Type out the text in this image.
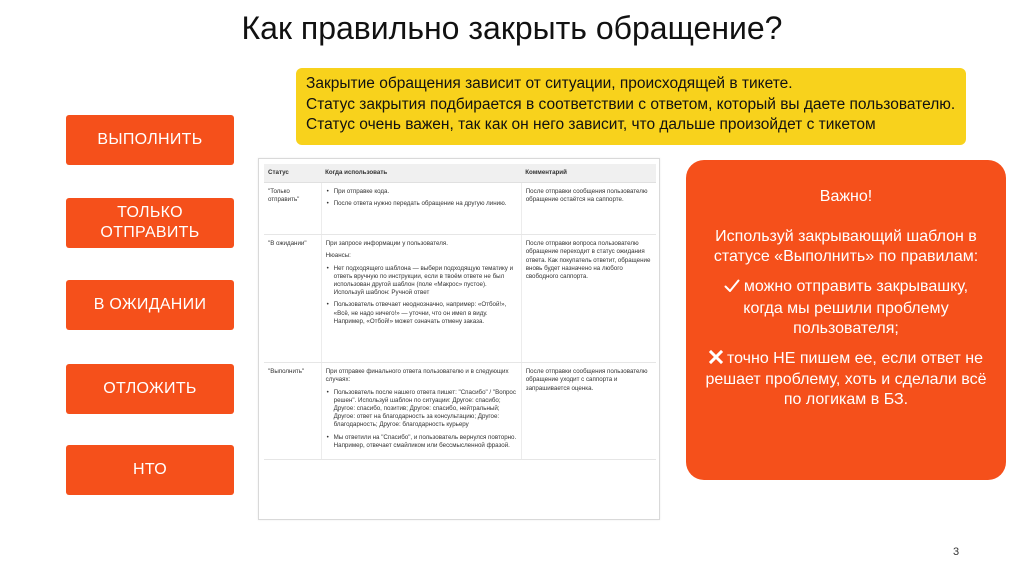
Как правильно закрыть обращение?
Закрытие обращения зависит от ситуации, происходящей в тикете.
Статус закрытия подбирается в соответствии с ответом, который вы даете пользователю.
Статус очень важен, так как он него зависит, что дальше произойдет с тикетом
ВЫПОЛНИТЬ
ТОЛЬКО ОТПРАВИТЬ
В ОЖИДАНИИ
ОТЛОЖИТЬ
НТО
Статус	Когда использовать	Комментарий
"Только отправить"	• При отправке кода.
• После ответа нужно передать обращение на другую линию.	После отправки сообщения пользователю обращение остаётся на саппорте.
"В ожидании"	При запросе информации у пользователя.
Нюансы:
• Нет подходящего шаблона — выбери подходящую тематику и ответь вручную по инструкции, если в твоём ответе не был использован другой шаблон (поле «Макрос» пустое). Используй шаблон: Ручной ответ
• Пользователь отвечает неоднозначно, например: «Отбой!», «Всё, не надо ничего!» — уточни, что он имел в виду. Например, «Отбой!» может означать отмену заказа.	После отправки вопроса пользователю обращение переходит в статус ожидания ответа. Как покупатель ответит, обращение вновь будет назначено на любого свободного саппорта.
"Выполнить"	При отправке финального ответа пользователю и в следующих случаях:
• Пользователь после нашего ответа пишет: "Спасибо" / "Вопрос решен". Используй шаблон по ситуации: Другое: спасибо; Другое: спасибо, позитив; Другое: спасибо, нейтральный; Другое: ответ на благодарность за консультацию; Другое: благодарность; Другое: благодарность курьеру
• Мы ответили на "Спасибо", и пользователь вернулся повторно. Например, отвечает смайликом или бессмысленной фразой.	После отправки сообщения пользователю обращение уходит с саппорта и запрашивается оценка.
Важно!
Используй закрывающий шаблон в статусе «Выполнить» по правилам:
можно отправить закрывашку, когда мы решили проблему пользователя;
точно НЕ пишем ее, если ответ не решает проблему, хоть и сделали всё по логикам в БЗ.
3
